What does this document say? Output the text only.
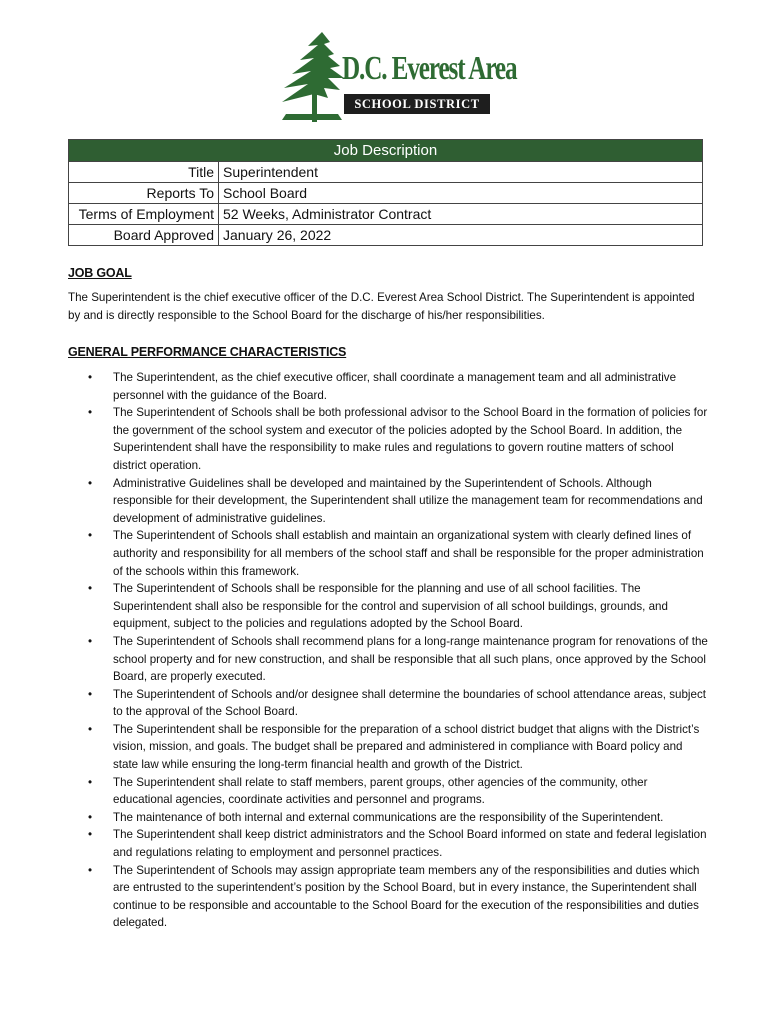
D.C. Everest Area
SCHOOL DISTRICT
Job Description	
Title	Superintendent
Reports To	School Board
Terms of Employment	52 Weeks, Administrator Contract
Board Approved	January 26, 2022
JOB GOAL

The Superintendent is the chief executive officer of the D.C. Everest Area School District. The Superintendent is appointed by and is directly responsible to the School Board for the discharge of his/her responsibilities.

GENERAL PERFORMANCE CHARACTERISTICS
• The Superintendent, as the chief executive officer, shall coordinate a management team and all administrative personnel with the guidance of the Board.
• The Superintendent of Schools shall be both professional advisor to the School Board in the formation of policies for the government of the school system and executor of the policies adopted by the School Board. In addition, the Superintendent shall have the responsibility to make rules and regulations to govern routine matters of school district operation.
• Administrative Guidelines shall be developed and maintained by the Superintendent of Schools. Although responsible for their development, the Superintendent shall utilize the management team for recommendations and development of administrative guidelines.
• The Superintendent of Schools shall establish and maintain an organizational system with clearly defined lines of authority and responsibility for all members of the school staff and shall be responsible for the proper administration of the schools within this framework.
• The Superintendent of Schools shall be responsible for the planning and use of all school facilities. The Superintendent shall also be responsible for the control and supervision of all school buildings, grounds, and equipment, subject to the policies and regulations adopted by the School Board.
• The Superintendent of Schools shall recommend plans for a long-range maintenance program for renovations of the school property and for new construction, and shall be responsible that all such plans, once approved by the School Board, are properly executed.
• The Superintendent of Schools and/or designee shall determine the boundaries of school attendance areas, subject to the approval of the School Board.
• The Superintendent shall be responsible for the preparation of a school district budget that aligns with the District’s vision, mission, and goals. The budget shall be prepared and administered in compliance with Board policy and state law while ensuring the long-term financial health and growth of the District.
• The Superintendent shall relate to staff members, parent groups, other agencies of the community, other educational agencies, coordinate activities and personnel and programs.
• The maintenance of both internal and external communications are the responsibility of the Superintendent.
• The Superintendent shall keep district administrators and the School Board informed on state and federal legislation and regulations relating to employment and personnel practices.
• The Superintendent of Schools may assign appropriate team members any of the responsibilities and duties which are entrusted to the superintendent’s position by the School Board, but in every instance, the Superintendent shall continue to be responsible and accountable to the School Board for the execution of the responsibilities and duties delegated.
